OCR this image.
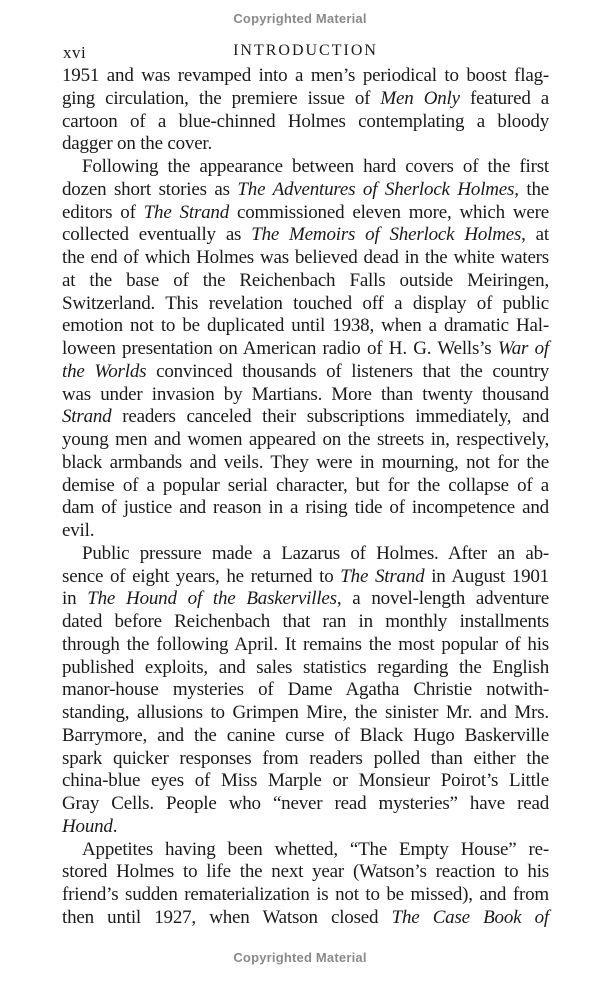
Copyrighted Material
xvi	INTRODUCTION
1951 and was revamped into a men’s periodical to boost flag-
ging circulation, the premiere issue of Men Only featured a
cartoon of a blue-chinned Holmes contemplating a bloody
dagger on the cover.
Following the appearance between hard covers of the first
dozen short stories as The Adventures of Sherlock Holmes, the
editors of The Strand commissioned eleven more, which were
collected eventually as The Memoirs of Sherlock Holmes, at
the end of which Holmes was believed dead in the white waters
at the base of the Reichenbach Falls outside Meiringen,
Switzerland. This revelation touched off a display of public
emotion not to be duplicated until 1938, when a dramatic Hal-
loween presentation on American radio of H. G. Wells’s War of
the Worlds convinced thousands of listeners that the country
was under invasion by Martians. More than twenty thousand
Strand readers canceled their subscriptions immediately, and
young men and women appeared on the streets in, respectively,
black armbands and veils. They were in mourning, not for the
demise of a popular serial character, but for the collapse of a
dam of justice and reason in a rising tide of incompetence and
evil.
Public pressure made a Lazarus of Holmes. After an ab-
sence of eight years, he returned to The Strand in August 1901
in The Hound of the Baskervilles, a novel-length adventure
dated before Reichenbach that ran in monthly installments
through the following April. It remains the most popular of his
published exploits, and sales statistics regarding the English
manor-house mysteries of Dame Agatha Christie notwith-
standing, allusions to Grimpen Mire, the sinister Mr. and Mrs.
Barrymore, and the canine curse of Black Hugo Baskerville
spark quicker responses from readers polled than either the
china-blue eyes of Miss Marple or Monsieur Poirot’s Little
Gray Cells. People who “never read mysteries” have read
Hound.
Appetites having been whetted, “The Empty House” re-
stored Holmes to life the next year (Watson’s reaction to his
friend’s sudden rematerialization is not to be missed), and from
then until 1927, when Watson closed The Case Book of
Copyrighted Material
